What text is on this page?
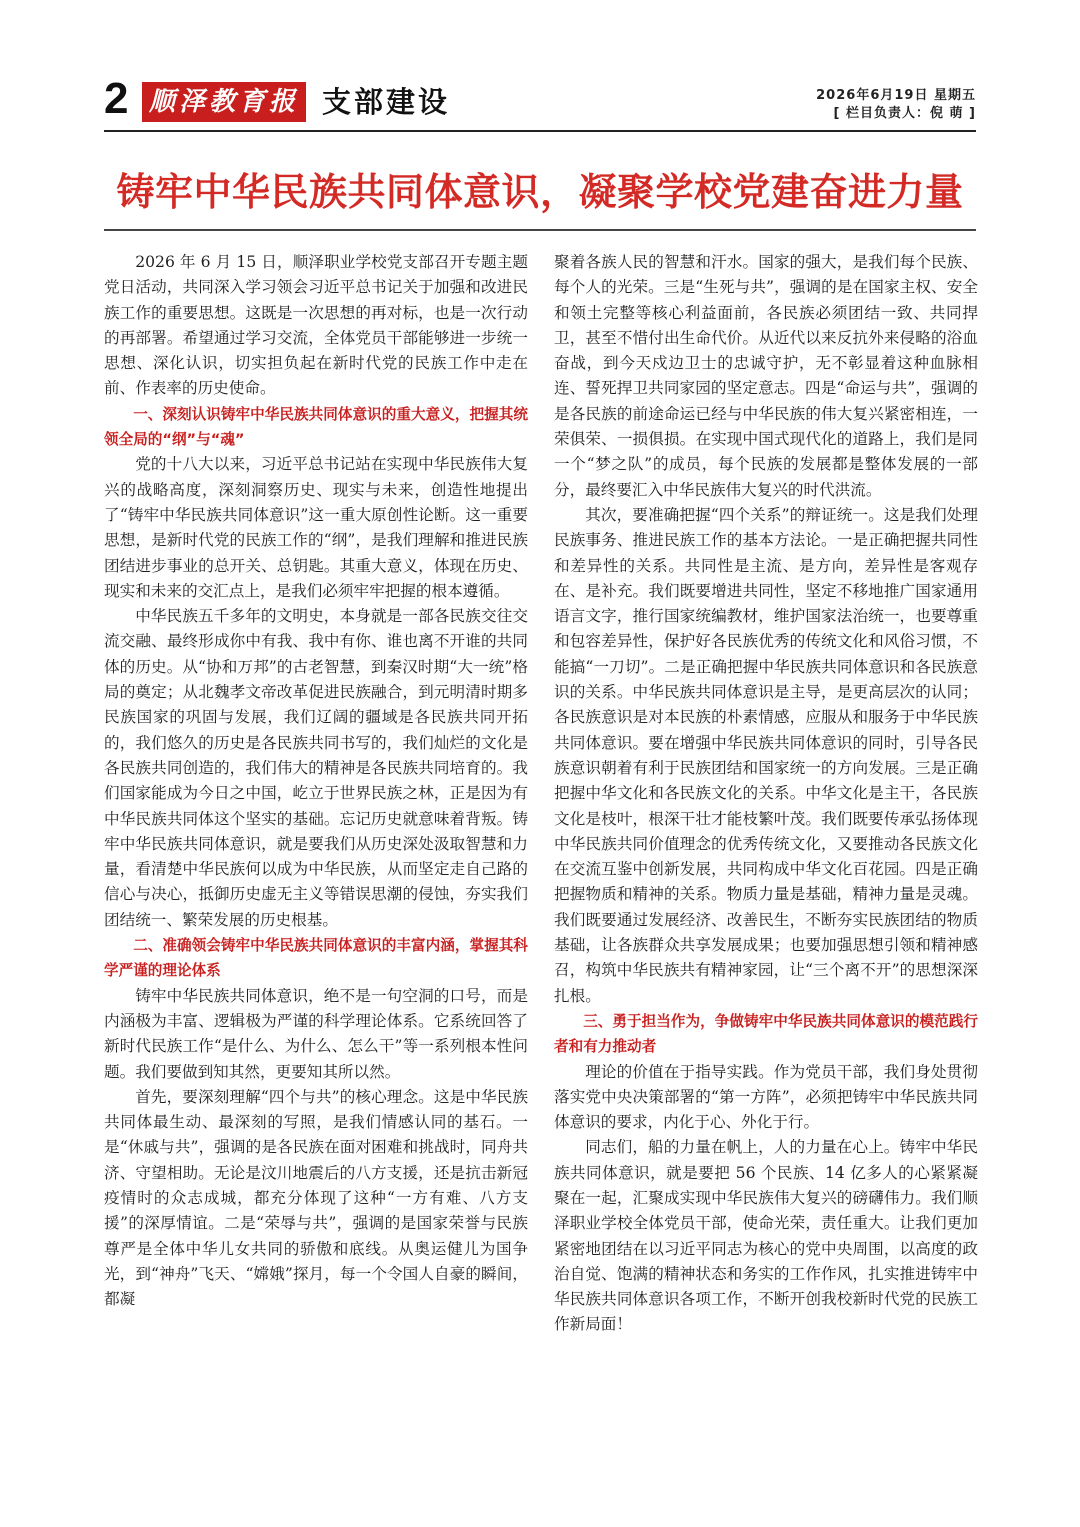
2 顺泽教育报 支部建设	2026年6月19日 星期五
[ 栏目负责人：倪 萌 ]
铸牢中华民族共同体意识，凝聚学校党建奋进力量

2026 年 6 月 15 日，顺泽职业学校党支部召开专题主题党日活动，共同深入学习领会习近平总书记关于加强和改进民族工作的重要思想。这既是一次思想的再对标，也是一次行动的再部署。希望通过学习交流，全体党员干部能够进一步统一思想、深化认识，切实担负起在新时代党的民族工作中走在前、作表率的历史使命。

一、深刻认识铸牢中华民族共同体意识的重大意义，把握其统领全局的“纲”与“魂”

党的十八大以来，习近平总书记站在实现中华民族伟大复兴的战略高度，深刻洞察历史、现实与未来，创造性地提出了“铸牢中华民族共同体意识”这一重大原创性论断。这一重要思想，是新时代党的民族工作的“纲”，是我们理解和推进民族团结进步事业的总开关、总钥匙。其重大意义，体现在历史、现实和未来的交汇点上，是我们必须牢牢把握的根本遵循。

中华民族五千多年的文明史，本身就是一部各民族交往交流交融、最终形成你中有我、我中有你、谁也离不开谁的共同体的历史。从“协和万邦”的古老智慧，到秦汉时期“大一统”格局的奠定；从北魏孝文帝改革促进民族融合，到元明清时期多民族国家的巩固与发展，我们辽阔的疆域是各民族共同开拓的，我们悠久的历史是各民族共同书写的，我们灿烂的文化是各民族共同创造的，我们伟大的精神是各民族共同培育的。我们国家能成为今日之中国，屹立于世界民族之林，正是因为有中华民族共同体这个坚实的基础。忘记历史就意味着背叛。铸牢中华民族共同体意识，就是要我们从历史深处汲取智慧和力量，看清楚中华民族何以成为中华民族，从而坚定走自己路的信心与决心，抵御历史虚无主义等错误思潮的侵蚀，夯实我们团结统一、繁荣发展的历史根基。

二、准确领会铸牢中华民族共同体意识的丰富内涵，掌握其科学严谨的理论体系

铸牢中华民族共同体意识，绝不是一句空洞的口号，而是内涵极为丰富、逻辑极为严谨的科学理论体系。它系统回答了新时代民族工作“是什么、为什么、怎么干”等一系列根本性问题。我们要做到知其然，更要知其所以然。

首先，要深刻理解“四个与共”的核心理念。这是中华民族共同体最生动、最深刻的写照，是我们情感认同的基石。一是“休戚与共”，强调的是各民族在面对困难和挑战时，同舟共济、守望相助。无论是汶川地震后的八方支援，还是抗击新冠疫情时的众志成城，都充分体现了这种“一方有难、八方支援”的深厚情谊。二是“荣辱与共”，强调的是国家荣誉与民族尊严是全体中华儿女共同的骄傲和底线。从奥运健儿为国争光，到“神舟”飞天、“嫦娥”探月，每一个令国人自豪的瞬间，都凝

聚着各族人民的智慧和汗水。国家的强大，是我们每个民族、每个人的光荣。三是“生死与共”，强调的是在国家主权、安全和领土完整等核心利益面前，各民族必须团结一致、共同捍卫，甚至不惜付出生命代价。从近代以来反抗外来侵略的浴血奋战，到今天戍边卫士的忠诚守护，无不彰显着这种血脉相连、誓死捍卫共同家园的坚定意志。四是“命运与共”，强调的是各民族的前途命运已经与中华民族的伟大复兴紧密相连，一荣俱荣、一损俱损。在实现中国式现代化的道路上，我们是同一个“梦之队”的成员，每个民族的发展都是整体发展的一部分，最终要汇入中华民族伟大复兴的时代洪流。

其次，要准确把握“四个关系”的辩证统一。这是我们处理民族事务、推进民族工作的基本方法论。一是正确把握共同性和差异性的关系。共同性是主流、是方向，差异性是客观存在、是补充。我们既要增进共同性，坚定不移地推广国家通用语言文字，推行国家统编教材，维护国家法治统一，也要尊重和包容差异性，保护好各民族优秀的传统文化和风俗习惯，不能搞“一刀切”。二是正确把握中华民族共同体意识和各民族意识的关系。中华民族共同体意识是主导，是更高层次的认同；各民族意识是对本民族的朴素情感，应服从和服务于中华民族共同体意识。要在增强中华民族共同体意识的同时，引导各民族意识朝着有利于民族团结和国家统一的方向发展。三是正确把握中华文化和各民族文化的关系。中华文化是主干，各民族文化是枝叶，根深干壮才能枝繁叶茂。我们既要传承弘扬体现中华民族共同价值理念的优秀传统文化，又要推动各民族文化在交流互鉴中创新发展，共同构成中华文化百花园。四是正确把握物质和精神的关系。物质力量是基础，精神力量是灵魂。我们既要通过发展经济、改善民生，不断夯实民族团结的物质基础，让各族群众共享发展成果；也要加强思想引领和精神感召，构筑中华民族共有精神家园，让“三个离不开”的思想深深扎根。

三、勇于担当作为，争做铸牢中华民族共同体意识的模范践行者和有力推动者

理论的价值在于指导实践。作为党员干部，我们身处贯彻落实党中央决策部署的“第一方阵”，必须把铸牢中华民族共同体意识的要求，内化于心、外化于行。

同志们，船的力量在帆上，人的力量在心上。铸牢中华民族共同体意识，就是要把 56 个民族、14 亿多人的心紧紧凝聚在一起，汇聚成实现中华民族伟大复兴的磅礴伟力。我们顺泽职业学校全体党员干部，使命光荣，责任重大。让我们更加紧密地团结在以习近平同志为核心的党中央周围，以高度的政治自觉、饱满的精神状态和务实的工作作风，扎实推进铸牢中华民族共同体意识各项工作，不断开创我校新时代党的民族工作新局面！
